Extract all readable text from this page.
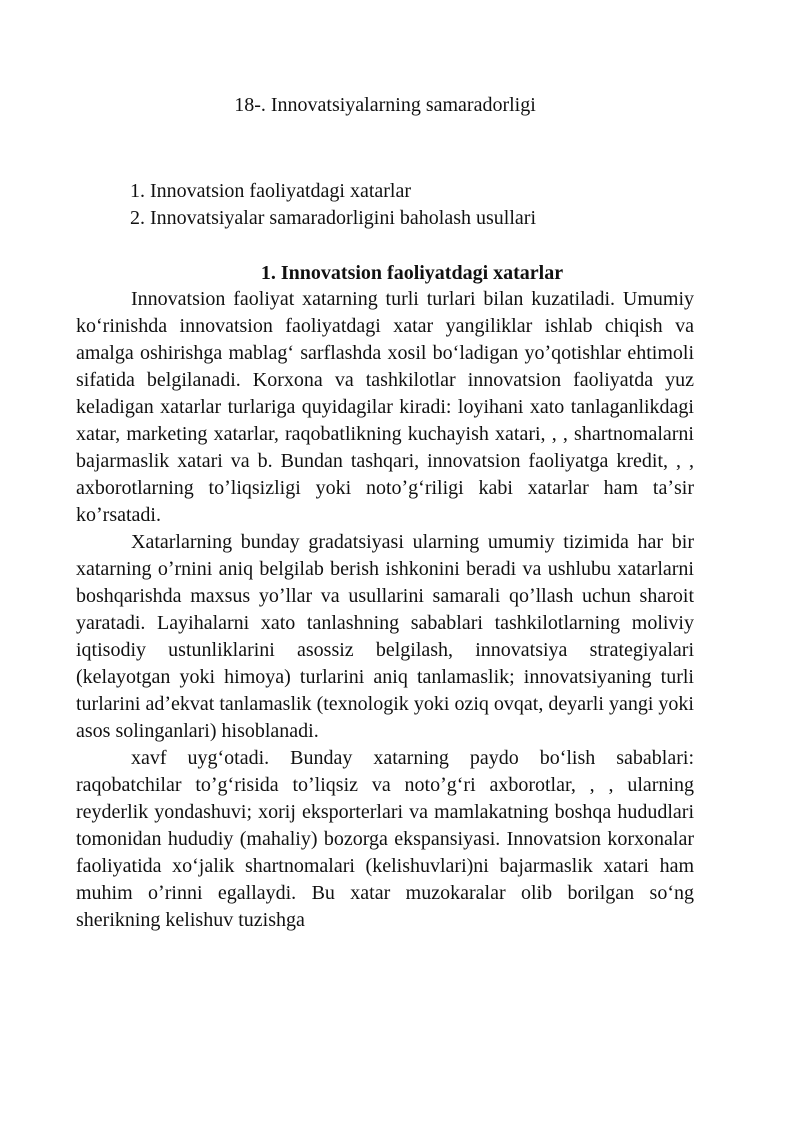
18-. Innovatsiyalarning samaradorligi
1. Innovatsion faoliyatdagi xatarlar
2. Innovatsiyalar samaradorligini baholash usullari
1. Innovatsion faoliyatdagi xatarlar

Innovatsion faoliyat xatarning turli turlari bilan kuzatiladi. Umumiy koʻrinishda innovatsion faoliyatdagi xatar yangiliklar ishlab chiqish va amalga oshirishga mablagʻ sarflashda xosil boʻladigan yoʼqotishlar ehtimoli sifatida belgilanadi. Korxona va tashkilotlar innovatsion faoliyatda yuz keladigan xatarlar turlariga quyidagilar kiradi: loyihani xato tanlaganlikdagi xatar, marketing xatarlar, raqobatlikning kuchayish xatari, , , shartnomalarni bajarmaslik xatari va b. Bundan tashqari, innovatsion faoliyatga kredit, , , axborotlarning toʼliqsizligi yoki notoʼgʻriligi kabi xatarlar ham taʼsir koʼrsatadi.

Xatarlarning bunday gradatsiyasi ularning umumiy tizimida har bir xatarning oʼrnini aniq belgilab berish ishkonini beradi va ushlubu xatarlarni boshqarishda maxsus yoʼllar va usullarini samarali qoʼllash uchun sharoit yaratadi. Layihalarni xato tanlashning sabablari tashkilotlarning moliviy iqtisodiy ustunliklarini asossiz belgilash, innovatsiya strategiyalari (kelayotgan yoki himoya) turlarini aniq tanlamaslik; innovatsiyaning turli turlarini adʼekvat tanlamaslik (texnologik yoki oziq ovqat, deyarli yangi yoki asos solinganlari) hisoblanadi.

xavf uygʻotadi. Bunday xatarning paydo boʻlish sabablari: raqobatchilar toʼgʻrisida toʼliqsiz va notoʼgʻri axborotlar, , , ularning reyderlik yondashuvi; xorij eksporterlari va mamlakatning boshqa hududlari tomonidan hududiy (mahaliy) bozorga ekspansiyasi. Innovatsion korxonalar faoliyatida xoʻjalik shartnomalari (kelishuvlari)ni bajarmaslik xatari ham muhim oʼrinni egallaydi. Bu xatar muzokaralar olib borilgan soʻng sherikning kelishuv tuzishga
